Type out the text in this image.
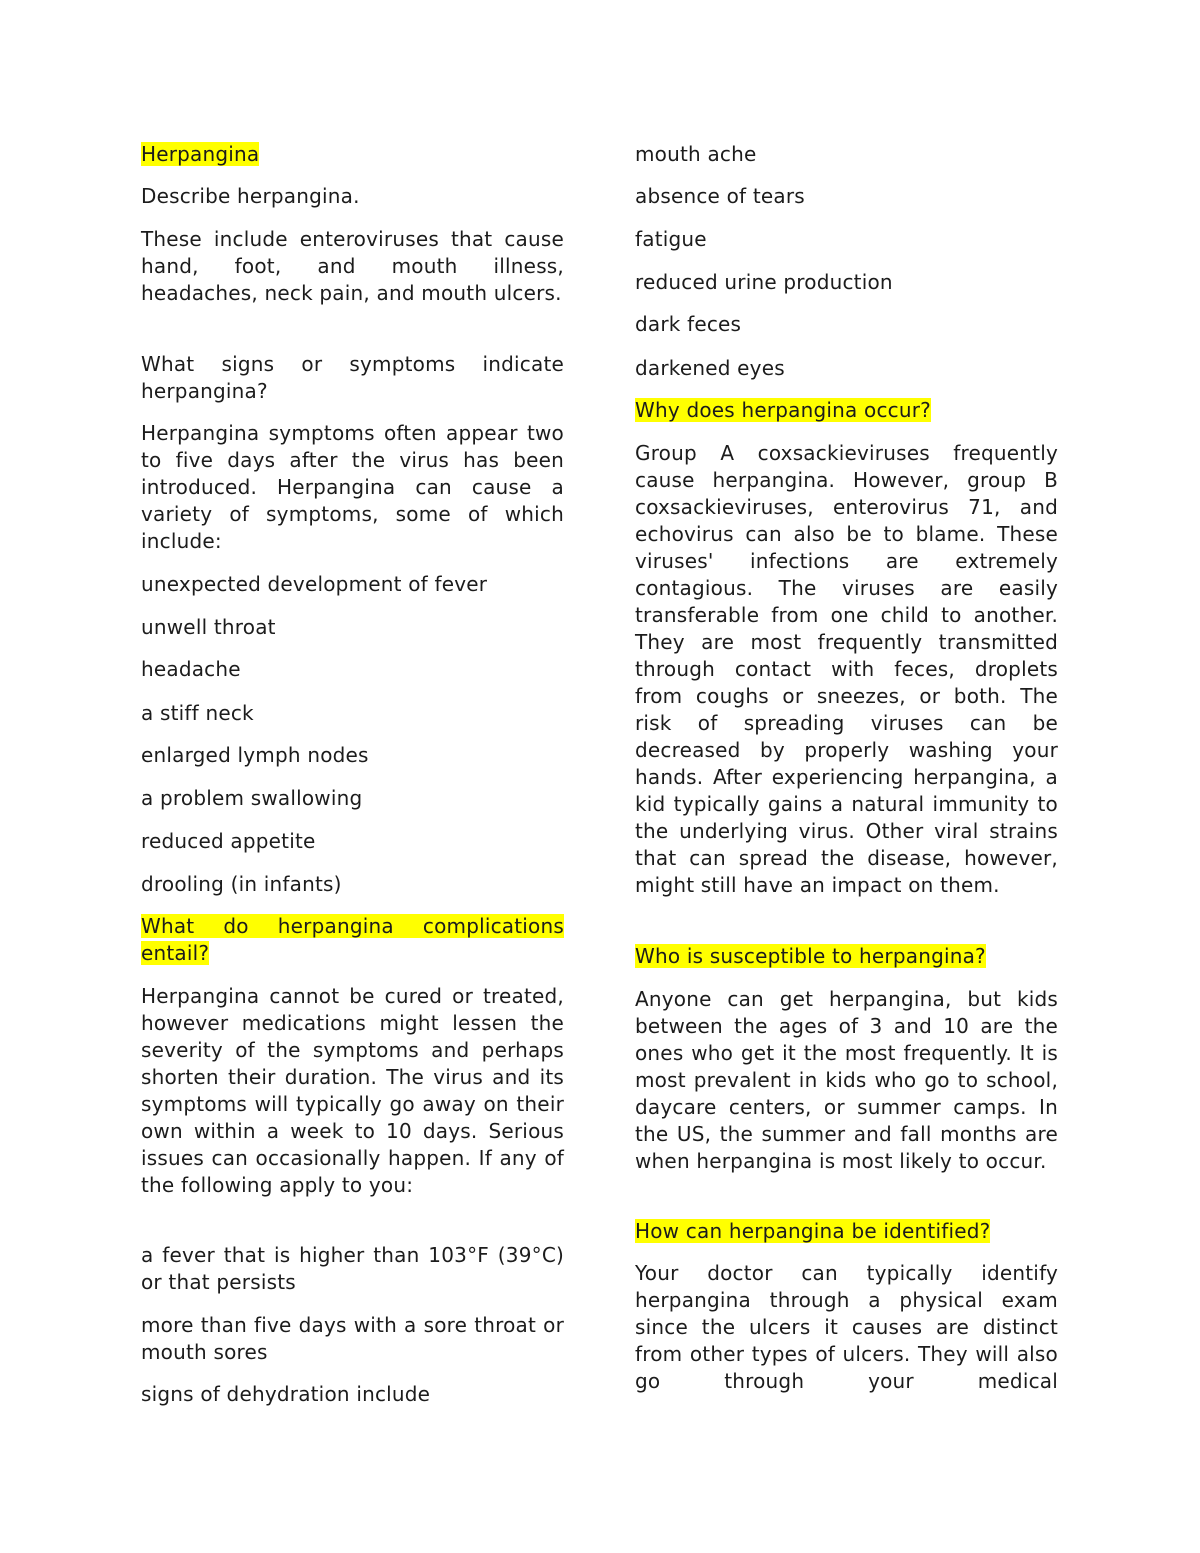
Herpangina

Describe herpangina.

These include enteroviruses that cause hand, foot, and mouth illness, headaches, neck pain, and mouth ulcers.

What signs or symptoms indicate herpangina?

Herpangina symptoms often appear two to five days after the virus has been introduced. Herpangina can cause a variety of symptoms, some of which include:

unexpected development of fever

unwell throat

headache

a stiff neck

enlarged lymph nodes

a problem swallowing

reduced appetite

drooling (in infants)

What do herpangina complications entail?

Herpangina cannot be cured or treated, however medications might lessen the severity of the symptoms and perhaps shorten their duration. The virus and its symptoms will typically go away on their own within a week to 10 days. Serious issues can occasionally happen. If any of the following apply to you:

a fever that is higher than 103°F (39°C) or that persists

more than five days with a sore throat or mouth sores

signs of dehydration include

mouth ache

absence of tears

fatigue

reduced urine production

dark feces

darkened eyes

Why does herpangina occur?

Group A coxsackieviruses frequently cause herpangina. However, group B coxsackieviruses, enterovirus 71, and echovirus can also be to blame. These viruses' infections are extremely contagious. The viruses are easily transferable from one child to another. They are most frequently transmitted through contact with feces, droplets from coughs or sneezes, or both. The risk of spreading viruses can be decreased by properly washing your hands. After experiencing herpangina, a kid typically gains a natural immunity to the underlying virus. Other viral strains that can spread the disease, however, might still have an impact on them.

Who is susceptible to herpangina?

Anyone can get herpangina, but kids between the ages of 3 and 10 are the ones who get it the most frequently. It is most prevalent in kids who go to school, daycare centers, or summer camps. In the US, the summer and fall months are when herpangina is most likely to occur.

How can herpangina be identified?

Your doctor can typically identify herpangina through a physical exam since the ulcers it causes are distinct from other types of ulcers. They will also go through your medical
